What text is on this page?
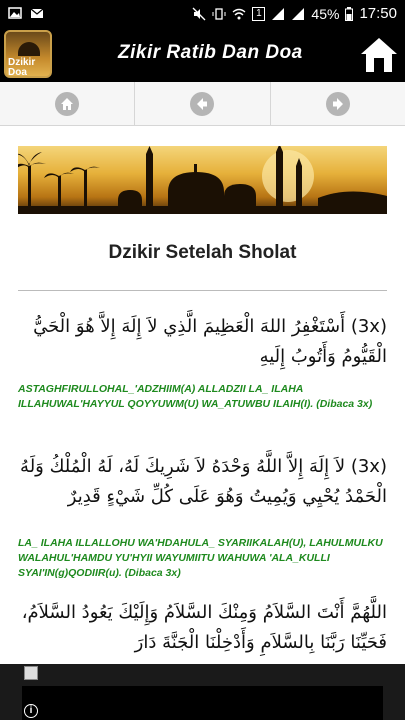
1	45% 17:50
Dzikir Doa
Zikir Ratib Dan Doa
Dzikir Setelah Sholat
(3x) أَسْتَغْفِرُ اللهَ الْعَظِيمَ الَّذِي لاَ إِلَهَ إِلاَّ هُوَ الْحَيُّ الْقَيُّومُ وَأَتُوبُ إِلَيهِ
ASTAGHFIRULLOHAL_'ADZHIIM(A) ALLADZII LA_ ILAHA ILLAHUWAL'HAYYUL QOYYUWM(U) WA_ATUWBU ILAIH(I). (Dibaca 3x)
(3x) لاَ إِلَهَ إِلاَّ اللَّهُ وَحْدَهُ لاَ شَرِيكَ لَهُ، لَهُ الْمُلْكُ وَلَهُ الْحَمْدُ يُحْيِي وَيُمِيتُ وَهُوَ عَلَى كُلِّ شَيْءٍ قَدِيرٌ
LA_ ILAHA ILLALLOHU WA'HDAHULA_ SYARIIKALAH(U), LAHULMULKU WALAHUL'HAMDU YU'HYII WAYUMIITU WAHUWA 'ALA_KULLI SYAI'IN(g)QODIIR(u). (Dibaca 3x)
اللَّهُمَّ أَنْتَ السَّلاَمُ وَمِنْكَ السَّلاَمُ وَإِلَيْكَ يَعُودُ السَّلاَمُ، فَحَيِّنَا رَبَّنَا بِالسَّلاَمِ وَأَدْخِلْنَا الْجَنَّةَ دَارَ
i
